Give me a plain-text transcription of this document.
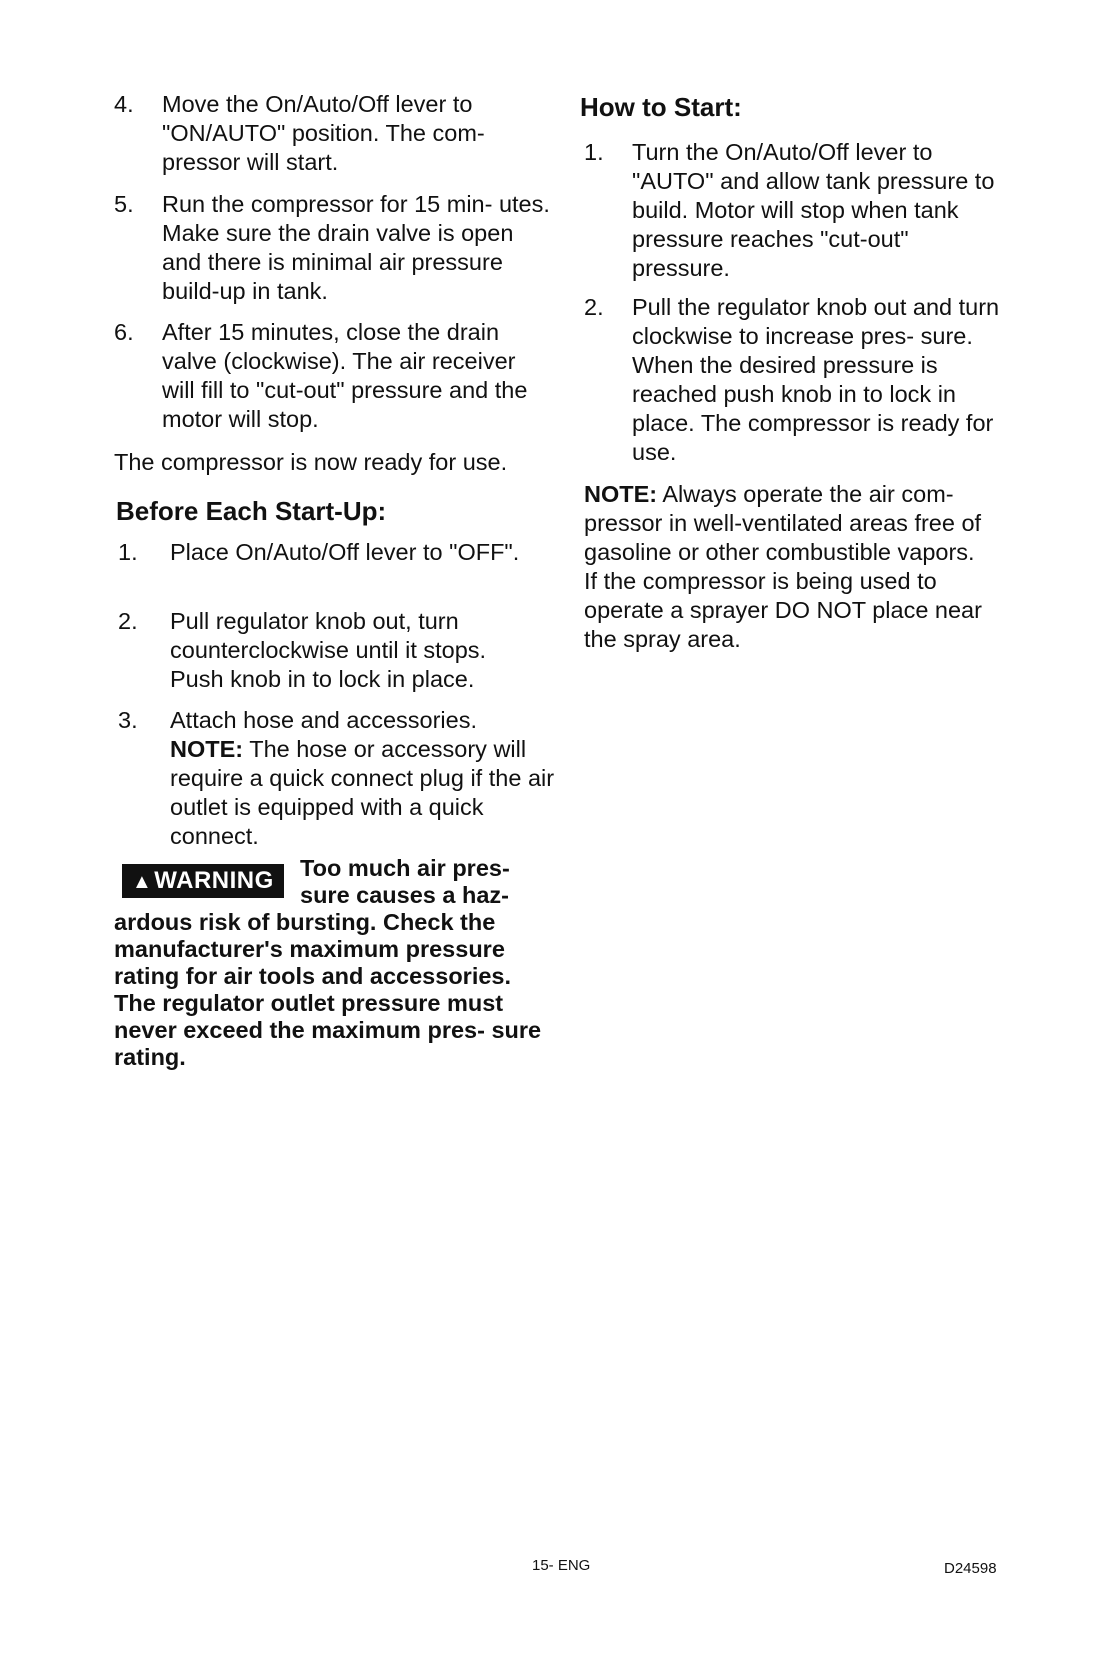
4.	Move the On/Auto/Off lever to "ON/AUTO" position. The com- pressor will start.
5.	Run the compressor for 15 min- utes. Make sure the drain valve is open and there is minimal air pressure build-up in tank.
6.	After 15 minutes, close the drain valve (clockwise). The air receiver will fill to "cut-out" pressure and the motor will stop.
The compressor is now ready for use.
Before Each Start-Up:
1.	Place On/Auto/Off lever to "OFF".
2.	Pull regulator knob out, turn counterclockwise until it stops. Push knob in to lock in place.
3.	Attach hose and accessories.
NOTE: The hose or accessory will require a quick connect plug if the air outlet is equipped with a quick connect.
Too much air pres- sure causes a haz- ardous risk of bursting. Check the manufacturer's maximum pressure rating for air tools and accessories. The regulator outlet pressure must never exceed the maximum pres- sure rating.
▲WARNING
How to Start:
1.	Turn the On/Auto/Off lever to "AUTO" and allow tank pressure to build. Motor will stop when tank pressure reaches "cut-out" pressure.
2.	Pull the regulator knob out and turn clockwise to increase pres- sure. When the desired pressure is reached push knob in to lock in place. The compressor is ready for use.
NOTE: Always operate the air com- pressor in well-ventilated areas free of gasoline or other combustible vapors. If the compressor is being used to operate a sprayer DO NOT place near the spray area.
15- ENG	D24598
